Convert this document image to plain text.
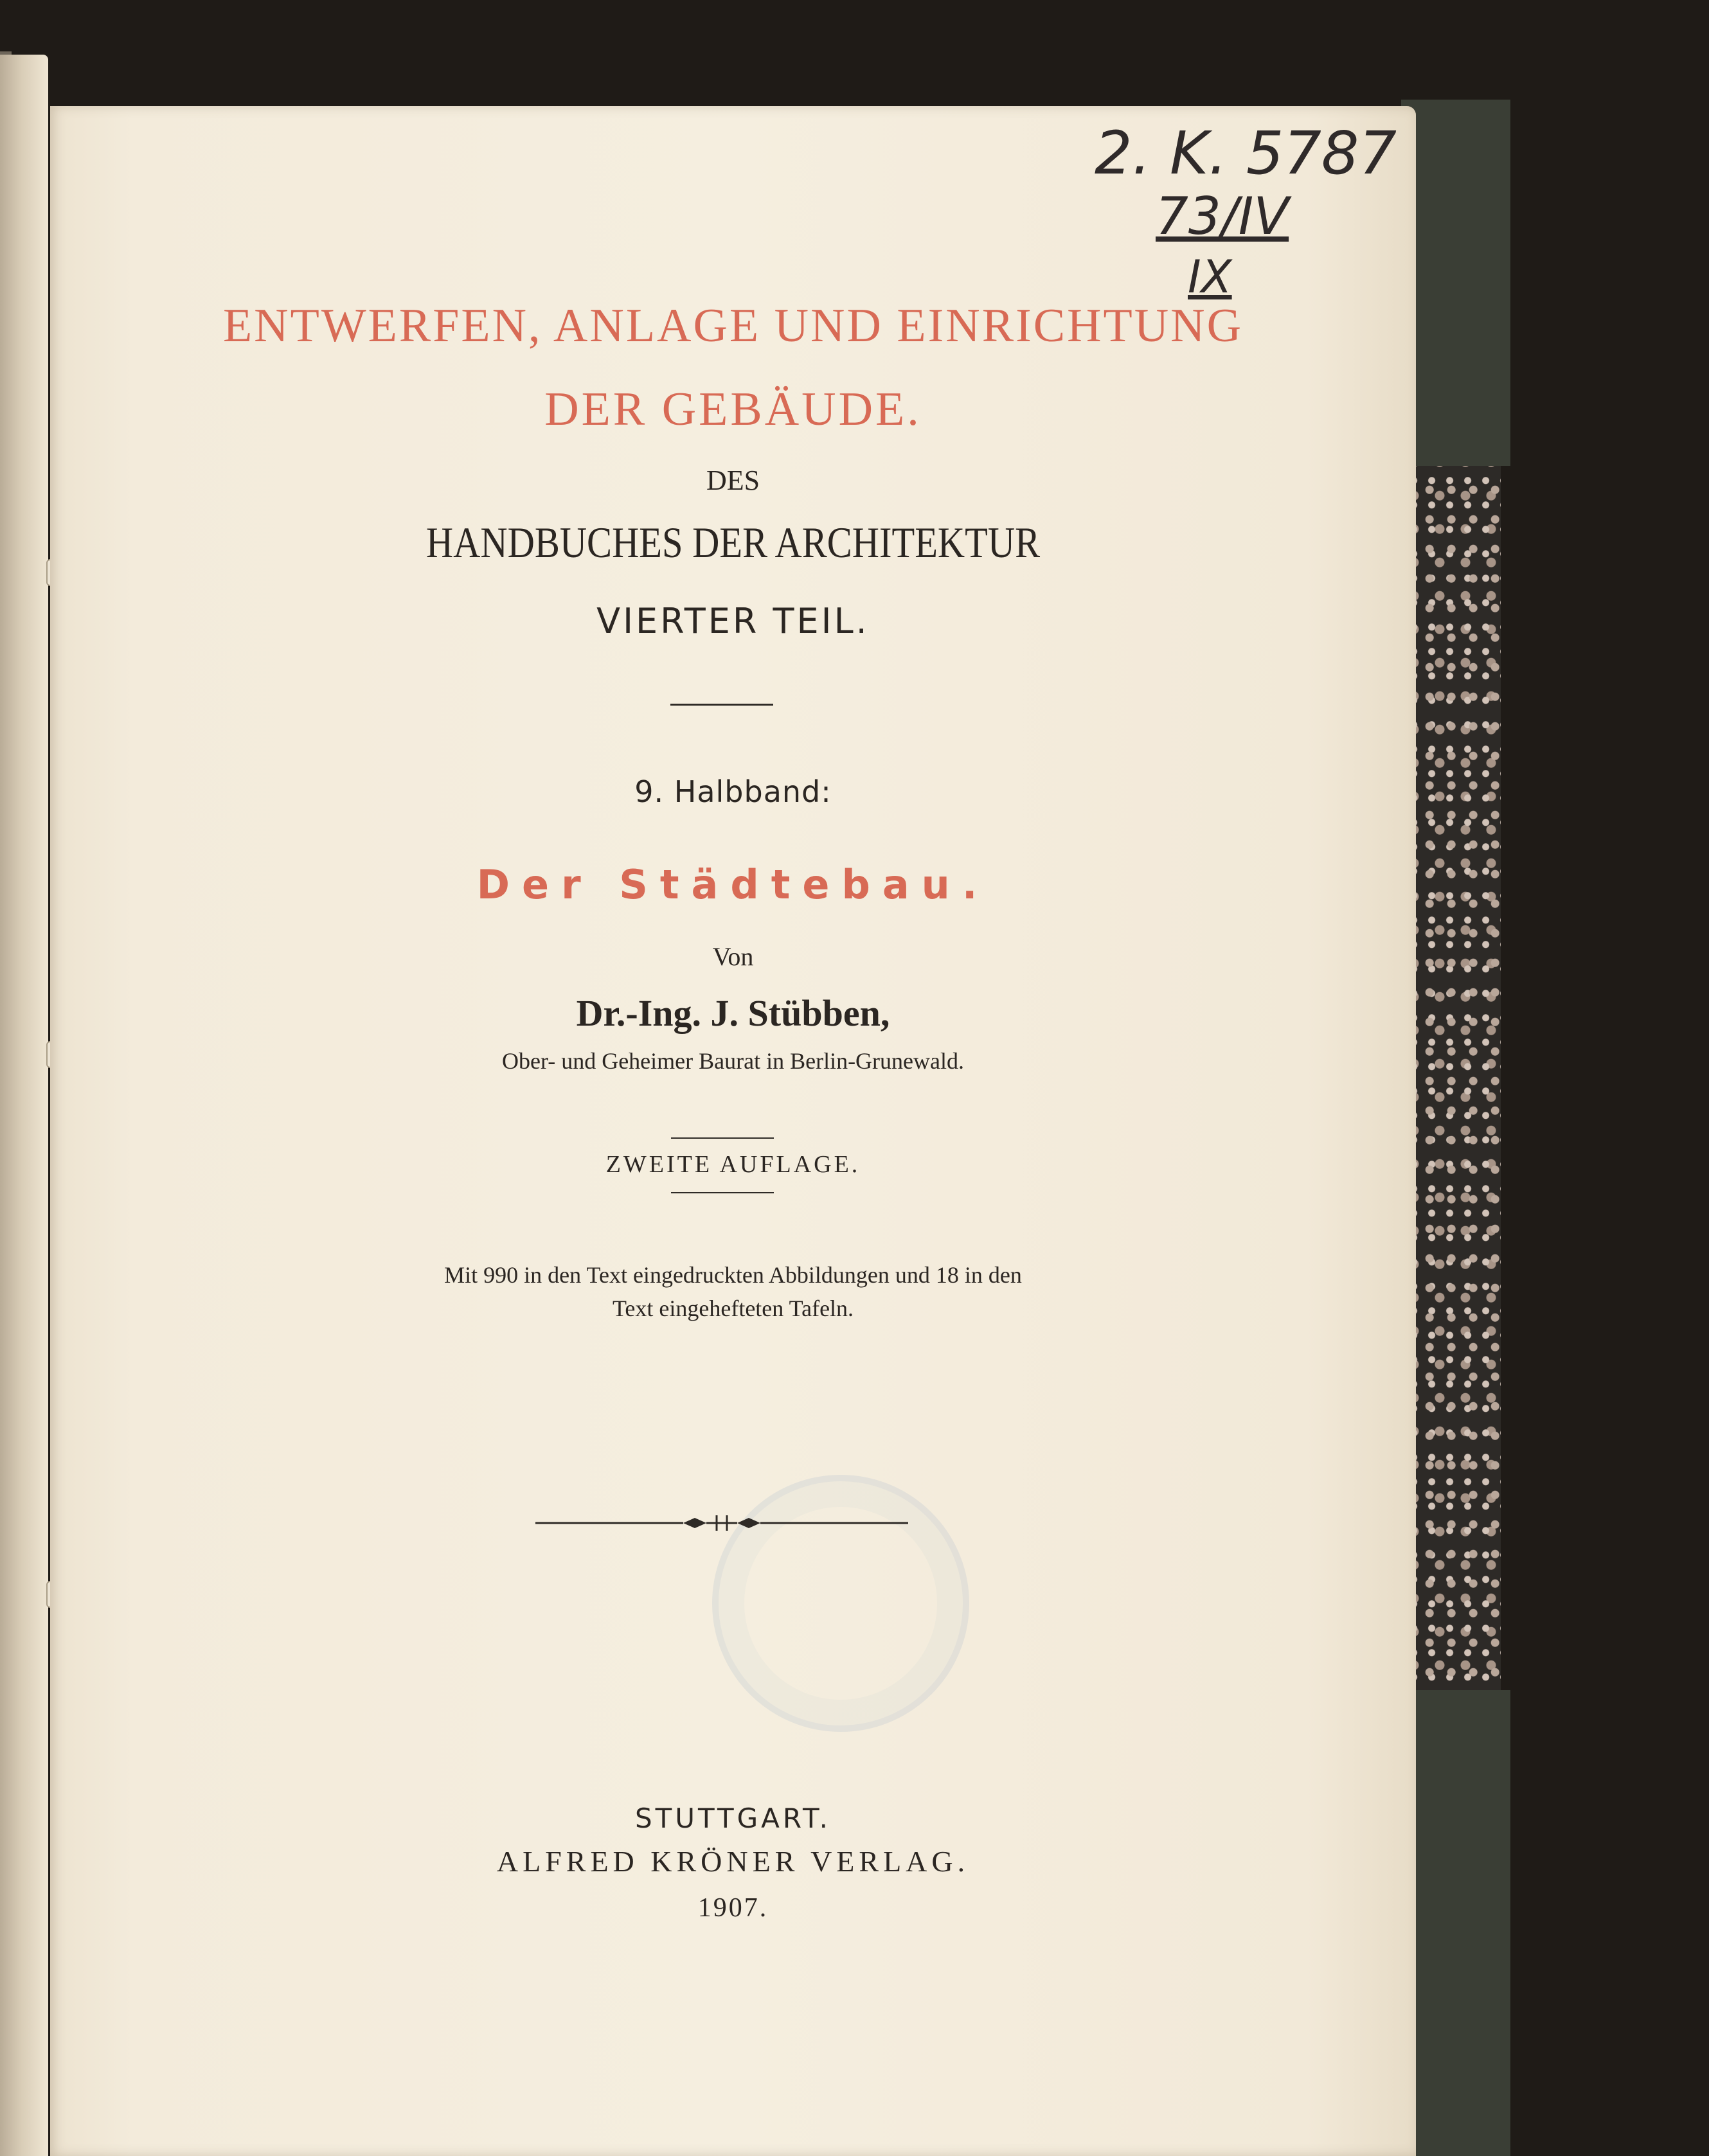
2. K. 5787
73/IV
IX
ENTWERFEN, ANLAGE UND EINRICHTUNG
DER GEBÄUDE.
DES
HANDBUCHES DER ARCHITEKTUR
VIERTER TEIL.
9. Halbband:
Der Städtebau.
Von
Dr.-Ing. J. Stübben,
Ober- und Geheimer Baurat in Berlin-Grunewald.
ZWEITE AUFLAGE.
Mit 990 in den Text eingedruckten Abbildungen und 18 in den
Text eingehefteten Tafeln.
STUTTGART.
ALFRED KRÖNER VERLAG.
1907.
